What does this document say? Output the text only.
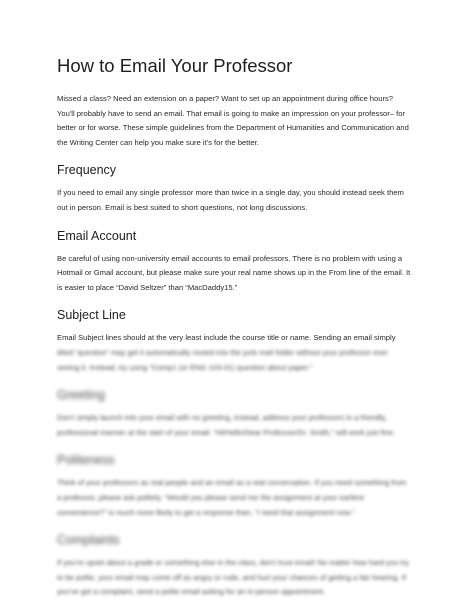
How to Email Your Professor

Missed a class? Need an extension on a paper? Want to set up an appointment during office hours?
You'll probably have to send an email. That email is going to make an impression on your professor– for
better or for worse. These simple guidelines from the Department of Humanities and Communication and
the Writing Center can help you make sure it's for the better.

Frequency

If you need to email any single professor more than twice in a single day, you should instead seek them
out in person. Email is best suited to short questions, not long discussions.

Email Account

Be careful of using non-university email accounts to email professors. There is no problem with using a
Hotmail or Gmail account, but please make sure your real name shows up in the From line of the email. It
is easier to place “David Seltzer” than “MacDaddy15.”

Subject Line

Email Subject lines should at the very least include the course title or name. Sending an email simply
titled “question” may get it automatically routed into the junk mail folder without your professor ever
seeing it. Instead, try using “Comp1 (or ENG 103-01) question about paper.”

Greeting

Don't simply launch into your email with no greeting, instead, address your professors in a friendly,
professional manner at the start of your email. “Hi/Hello/Dear Professor/Dr. Smith,” will work just fine.

Politeness

Think of your professors as real people and an email as a real conversation. If you need something from
a professor, please ask politely. “Would you please send me the assignment at your earliest
convenience?” is much more likely to get a response than, “I need that assignment now.”

Complaints

If you're upset about a grade or something else in the class, don't trust email! No matter how hard you try
to be polite, your email may come off as angry or rude, and hurt your chances of getting a fair hearing. If
you've got a complaint, send a polite email asking for an in-person appointment.
